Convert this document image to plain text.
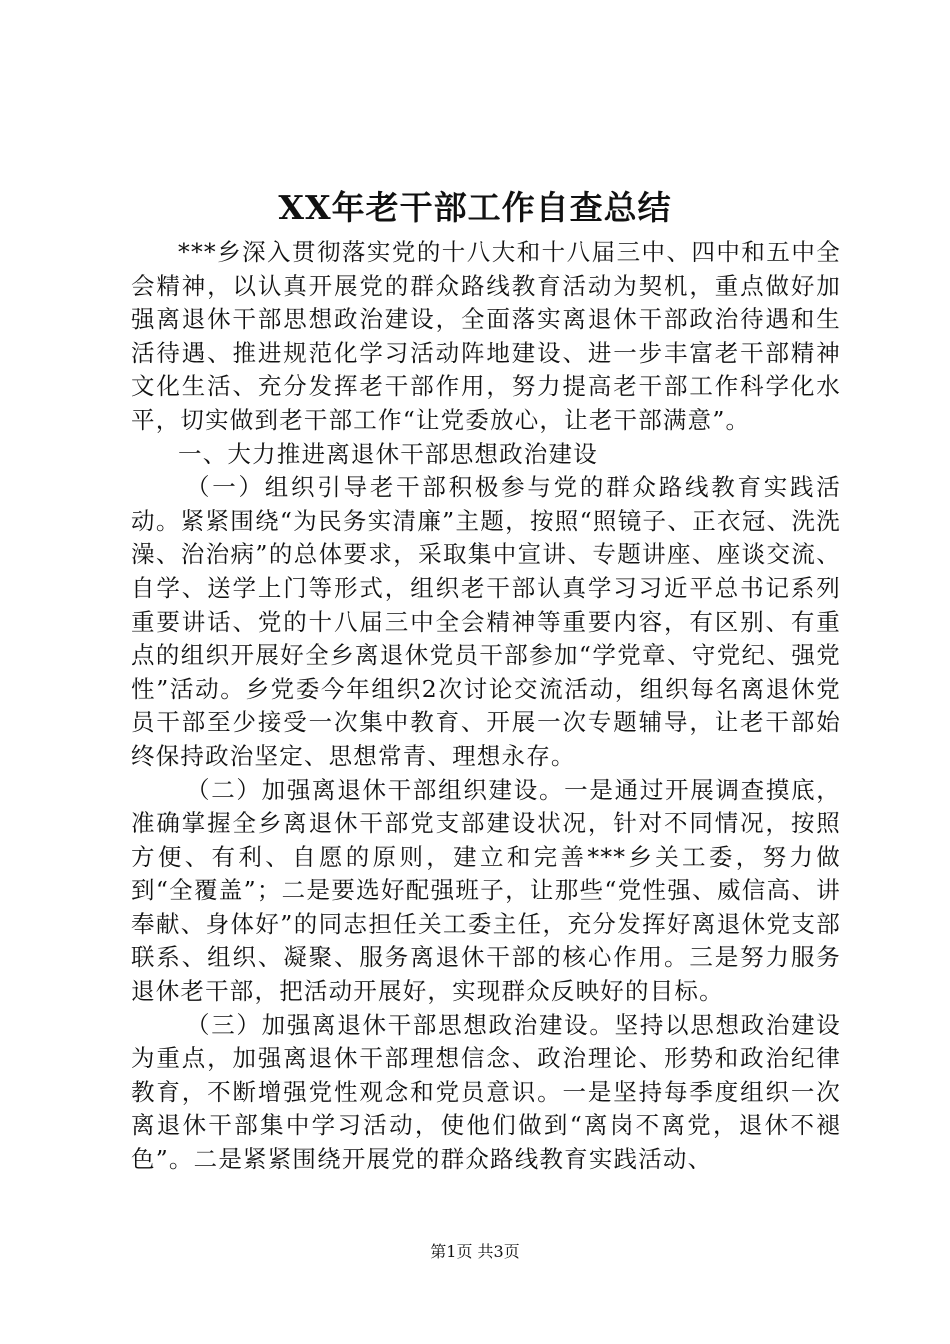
XX年老干部工作自查总结

***乡深入贯彻落实党的十八大和十八届三中、四中和五中全会精神，以认真开展党的群众路线教育活动为契机，重点做好加强离退休干部思想政治建设，全面落实离退休干部政治待遇和生活待遇、推进规范化学习活动阵地建设、进一步丰富老干部精神文化生活、充分发挥老干部作用，努力提高老干部工作科学化水平，切实做到老干部工作“让党委放心，让老干部满意”。

一、大力推进离退休干部思想政治建设

（一）组织引导老干部积极参与党的群众路线教育实践活动。紧紧围绕“为民务实清廉”主题，按照“照镜子、正衣冠、洗洗澡、治治病”的总体要求，采取集中宣讲、专题讲座、座谈交流、自学、送学上门等形式，组织老干部认真学习习近平总书记系列重要讲话、党的十八届三中全会精神等重要内容，有区别、有重点的组织开展好全乡离退休党员干部参加“学党章、守党纪、强党性”活动。乡党委今年组织2次讨论交流活动，组织每名离退休党员干部至少接受一次集中教育、开展一次专题辅导，让老干部始终保持政治坚定、思想常青、理想永存。

（二）加强离退休干部组织建设。一是通过开展调查摸底，准确掌握全乡离退休干部党支部建设状况，针对不同情况，按照方便、有利、自愿的原则，建立和完善***乡关工委，努力做到“全覆盖”；二是要选好配强班子，让那些“党性强、威信高、讲奉献、身体好”的同志担任关工委主任，充分发挥好离退休党支部联系、组织、凝聚、服务离退休干部的核心作用。三是努力服务退休老干部，把活动开展好，实现群众反映好的目标。

（三）加强离退休干部思想政治建设。坚持以思想政治建设为重点，加强离退休干部理想信念、政治理论、形势和政治纪律教育，不断增强党性观念和党员意识。一是坚持每季度组织一次离退休干部集中学习活动，使他们做到“离岗不离党，退休不褪色”。二是紧紧围绕开展党的群众路线教育实践活动、

第1页 共3页
